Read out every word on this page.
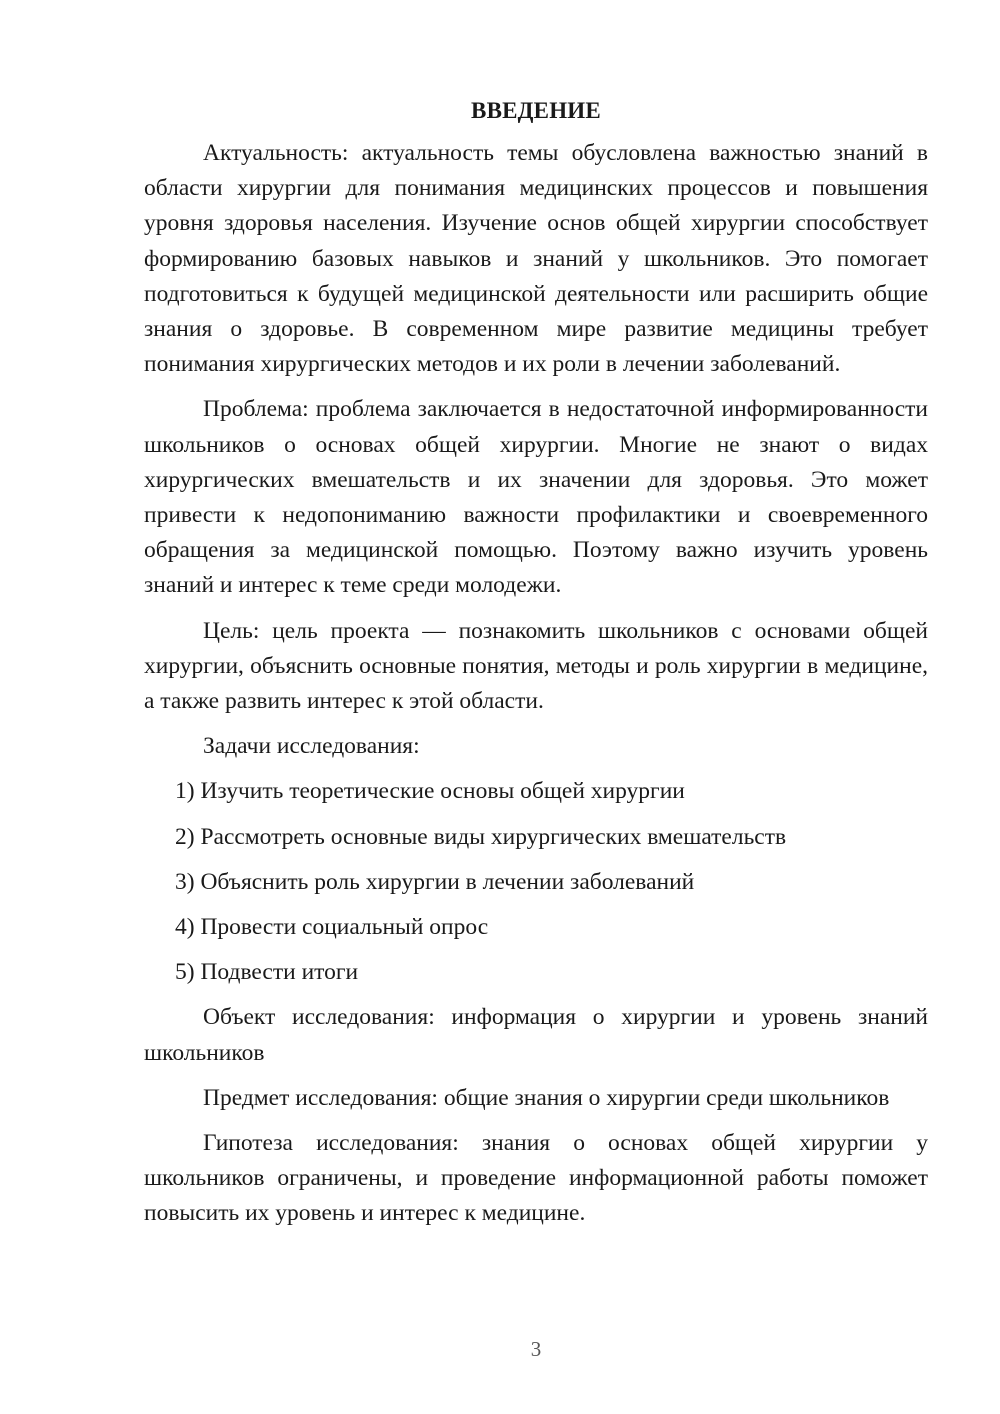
ВВЕДЕНИЕ

Актуальность: актуальность темы обусловлена важностью знаний в области хирургии для понимания медицинских процессов и повышения уровня здоровья населения. Изучение основ общей хирургии способствует формированию базовых навыков и знаний у школьников. Это помогает подготовиться к будущей медицинской деятельности или расширить общие знания о здоровье. В современном мире развитие медицины требует понимания хирургических методов и их роли в лечении заболеваний.

Проблема: проблема заключается в недостаточной информированности школьников о основах общей хирургии. Многие не знают о видах хирургических вмешательств и их значении для здоровья. Это может привести к недопониманию важности профилактики и своевременного обращения за медицинской помощью. Поэтому важно изучить уровень знаний и интерес к теме среди молодежи.

Цель: цель проекта — познакомить школьников с основами общей хирургии, объяснить основные понятия, методы и роль хирургии в медицине, а также развить интерес к этой области.

Задачи исследования:

1) Изучить теоретические основы общей хирургии

2) Рассмотреть основные виды хирургических вмешательств

3) Объяснить роль хирургии в лечении заболеваний

4) Провести социальный опрос

5) Подвести итоги

Объект исследования: информация о хирургии и уровень знаний школьников

Предмет исследования: общие знания о хирургии среди школьников

Гипотеза исследования: знания о основах общей хирургии у школьников ограничены, и проведение информационной работы поможет повысить их уровень и интерес к медицине.

3
